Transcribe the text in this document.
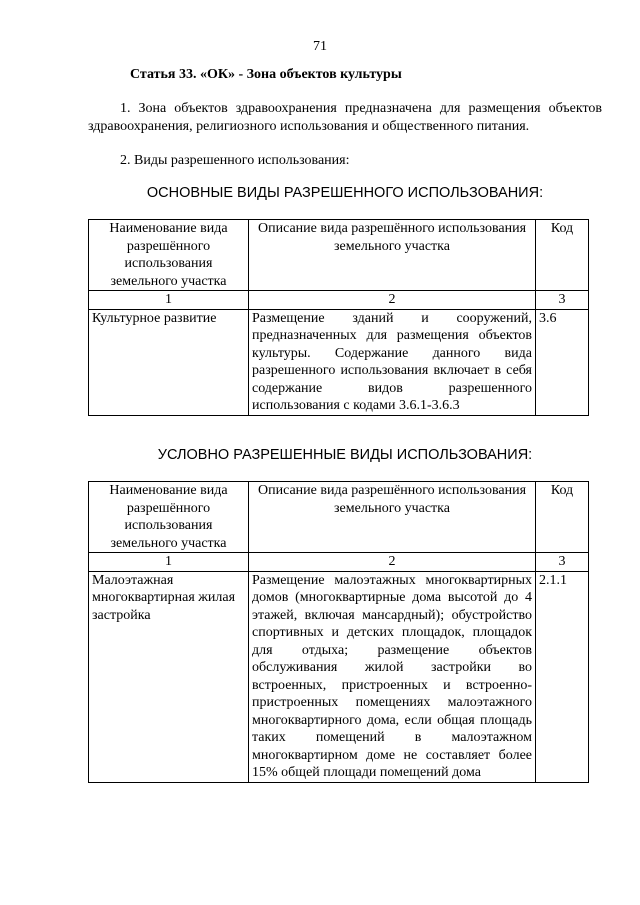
71
Статья 33. «ОК» - Зона объектов культуры
1. Зона объектов здравоохранения предназначена для размещения объектов здравоохранения, религиозного использования и общественного питания.
2. Виды разрешенного использования:
ОСНОВНЫЕ ВИДЫ РАЗРЕШЕННОГО ИСПОЛЬЗОВАНИЯ:
Наименование вида разрешённого использования земельного участка	Описание вида разрешённого использования земельного участка	Код
1	2	3
Культурное развитие	Размещение зданий и сооружений, предназначенных для размещения объектов культуры. Содержание данного вида разрешенного использования включает в себя содержание видов разрешенного использования с кодами 3.6.1-3.6.3	3.6
УСЛОВНО РАЗРЕШЕННЫЕ ВИДЫ ИСПОЛЬЗОВАНИЯ:
Наименование вида разрешённого использования земельного участка	Описание вида разрешённого использования земельного участка	Код
1	2	3
Малоэтажная многоквартирная жилая застройка	Размещение малоэтажных многоквартирных домов (многоквартирные дома высотой до 4 этажей, включая мансардный); обустройство спортивных и детских площадок, площадок для отдыха; размещение объектов обслуживания жилой застройки во встроенных, пристроенных и встроенно-пристроенных помещениях малоэтажного многоквартирного дома, если общая площадь таких помещений в малоэтажном многоквартирном доме не составляет более 15% общей площади помещений дома	2.1.1
